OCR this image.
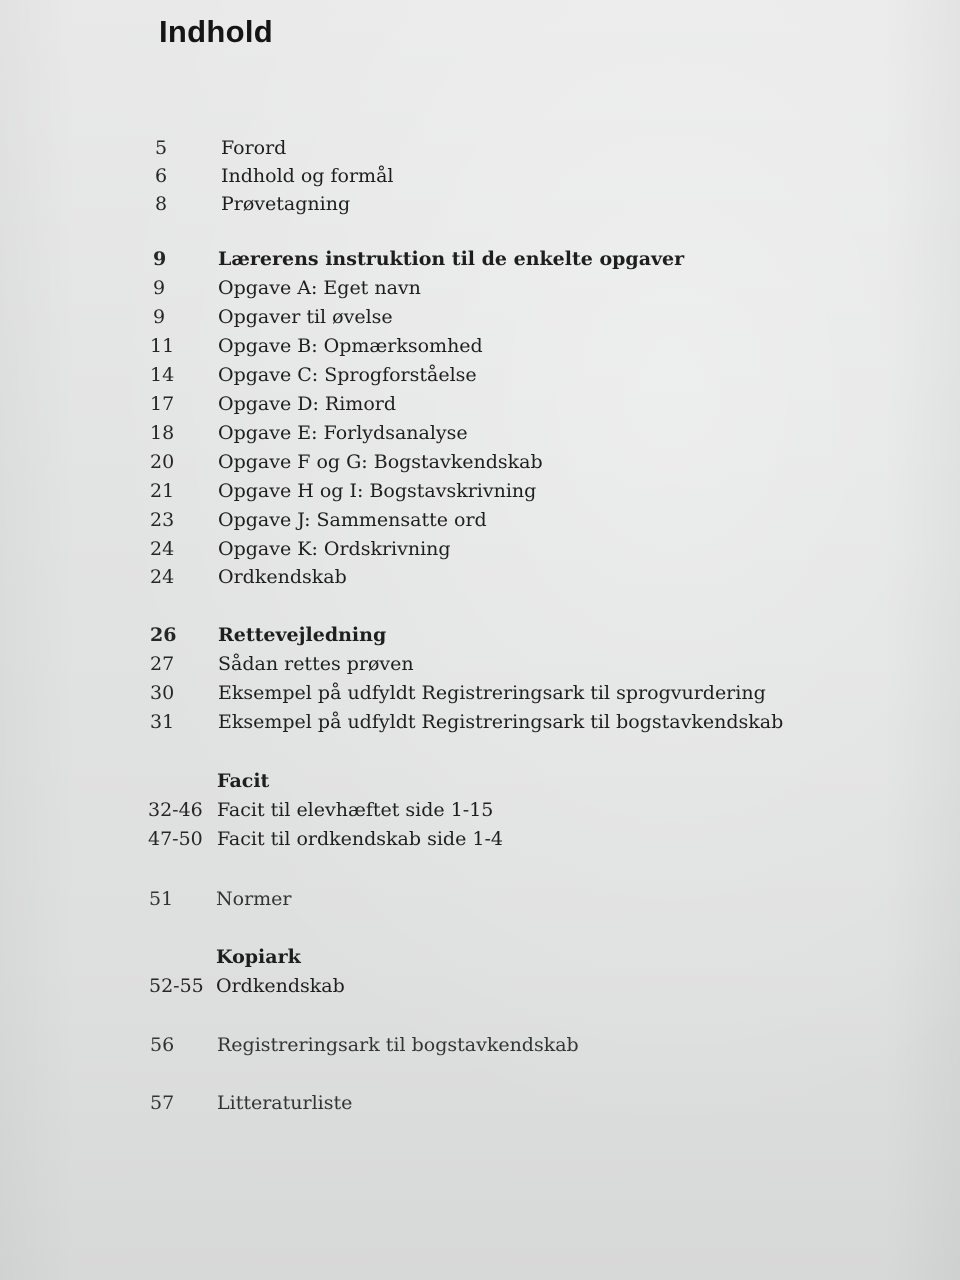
Indhold
5	Forord
6	Indhold og formål
8	Prøvetagning
9	Lærerens instruktion til de enkelte opgaver
9	Opgave A: Eget navn
9	Opgaver til øvelse
11	Opgave B: Opmærksomhed
14	Opgave C: Sprogforståelse
17	Opgave D: Rimord
18	Opgave E: Forlydsanalyse
20	Opgave F og G: Bogstavkendskab
21	Opgave H og I: Bogstavskrivning
23	Opgave J: Sammensatte ord
24	Opgave K: Ordskrivning
24	Ordkendskab
26	Rettevejledning
27	Sådan rettes prøven
30	Eksempel på udfyldt Registreringsark til sprogvurdering
31	Eksempel på udfyldt Registreringsark til bogstavkendskab
Facit
32-46 Facit til elevhæftet side 1-15
47-50 Facit til ordkendskab side 1-4
51	Normer
Kopiark
52-55 Ordkendskab
56	Registreringsark til bogstavkendskab
57	Litteraturliste
